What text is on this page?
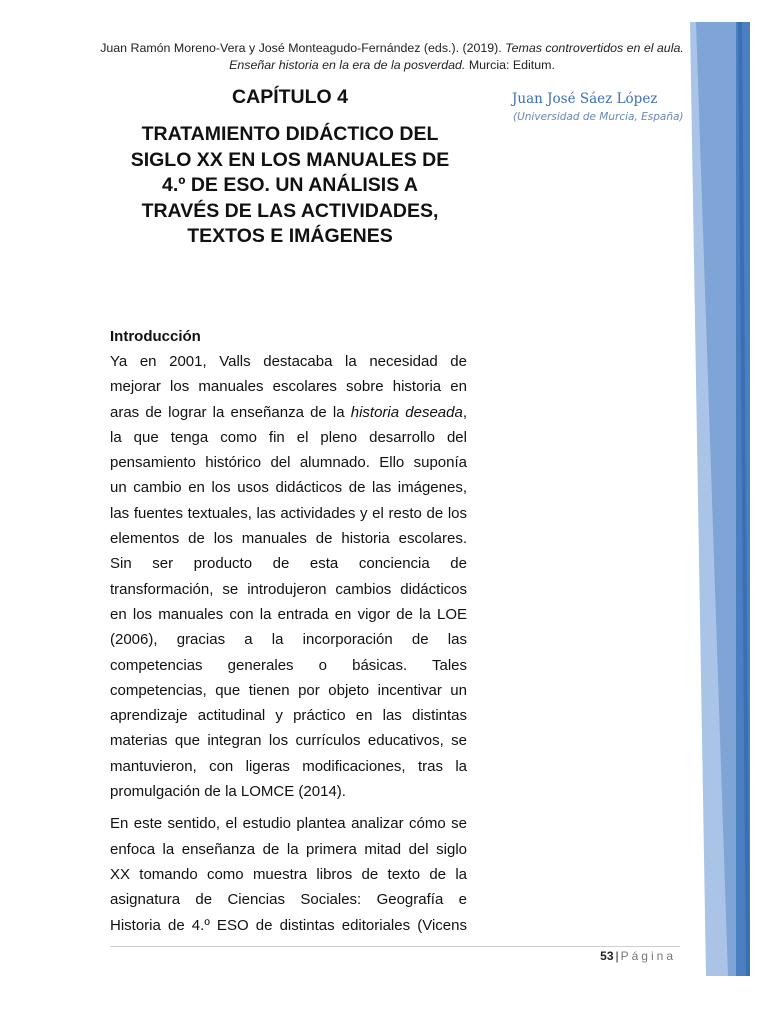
Juan Ramón Moreno-Vera y José Monteagudo-Fernández (eds.). (2019). Temas controvertidos en el aula. Enseñar historia en la era de la posverdad. Murcia: Editum.
CAPÍTULO 4
TRATAMIENTO DIDÁCTICO DEL
SIGLO XX EN LOS MANUALES DE
4.º DE ESO. UN ANÁLISIS A
TRAVÉS DE LAS ACTIVIDADES,
TEXTOS E IMÁGENES
Juan José Sáez López
(Universidad de Murcia, España)
Introducción

Ya en 2001, Valls destacaba la necesidad de
mejorar los manuales escolares sobre historia en
aras de lograr la enseñanza de la historia deseada,
la que tenga como fin el pleno desarrollo del
pensamiento histórico del alumnado. Ello suponía
un cambio en los usos didácticos de las imágenes,
las fuentes textuales, las actividades y el resto de los
elementos de los manuales de historia escolares.
Sin ser producto de esta conciencia de
transformación, se introdujeron cambios didácticos
en los manuales con la entrada en vigor de la LOE
(2006), gracias a la incorporación de las
competencias generales o básicas. Tales
competencias, que tienen por objeto incentivar un
aprendizaje actitudinal y práctico en las distintas
materias que integran los currículos educativos, se
mantuvieron, con ligeras modificaciones, tras la
promulgación de la LOMCE (2014).

En este sentido, el estudio plantea analizar cómo se
enfoca la enseñanza de la primera mitad del siglo
XX tomando como muestra libros de texto de la
asignatura de Ciencias Sociales: Geografía e
Historia de 4.º ESO de distintas editoriales (Vicens

53 | Página
